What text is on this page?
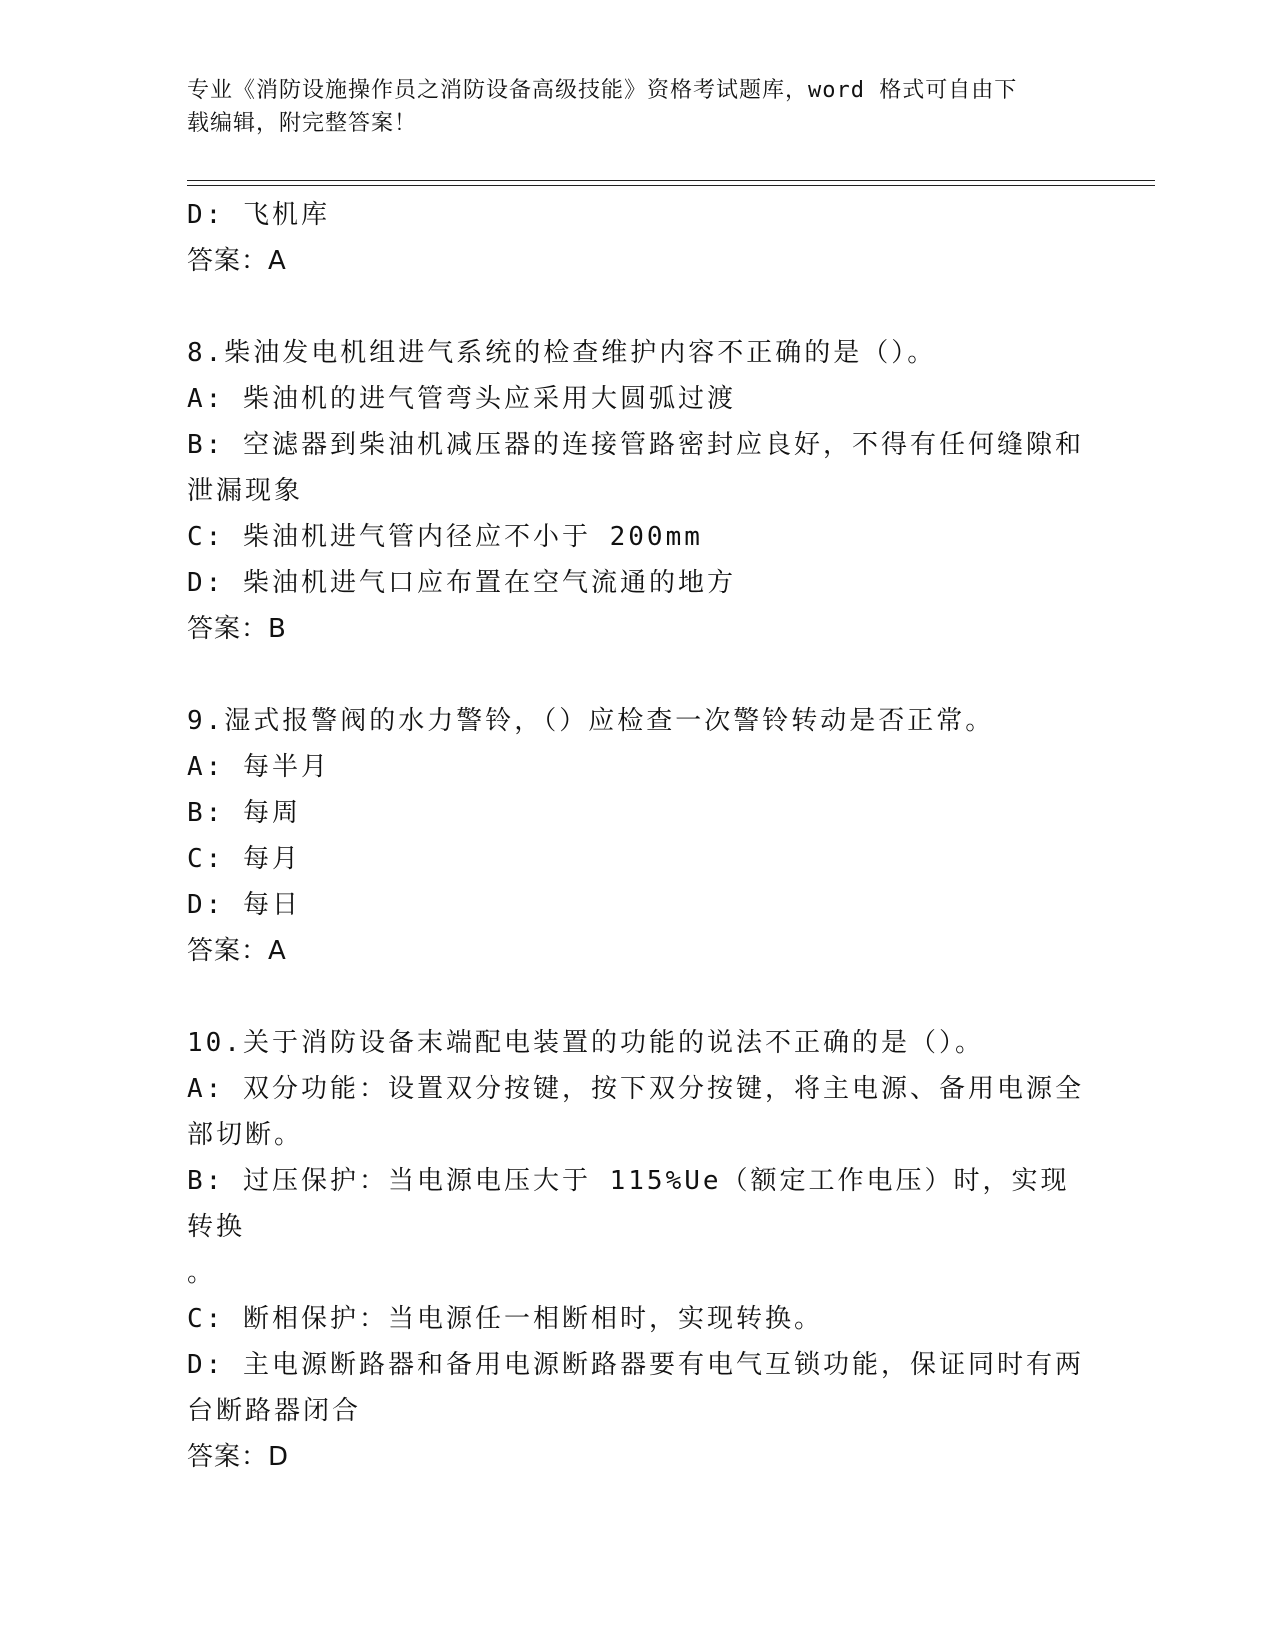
专业《消防设施操作员之消防设备高级技能》资格考试题库，word 格式可自由下
载编辑，附完整答案！

D: 飞机库

答案：A

8.柴油发电机组进气系统的检查维护内容不正确的是（）。

A: 柴油机的进气管弯头应采用大圆弧过渡

B: 空滤器到柴油机减压器的连接管路密封应良好，不得有任何缝隙和

泄漏现象

C: 柴油机进气管内径应不小于 200mm

D: 柴油机进气口应布置在空气流通的地方

答案：B

9.湿式报警阀的水力警铃，（）应检查一次警铃转动是否正常。

A: 每半月

B: 每周

C: 每月

D: 每日

答案：A

10.关于消防设备末端配电装置的功能的说法不正确的是（）。

A: 双分功能：设置双分按键，按下双分按键，将主电源、备用电源全

部切断。

B: 过压保护：当电源电压大于 115%Ue（额定工作电压）时，实现转换

。

C: 断相保护：当电源任一相断相时，实现转换。

D: 主电源断路器和备用电源断路器要有电气互锁功能，保证同时有两

台断路器闭合

答案：D
